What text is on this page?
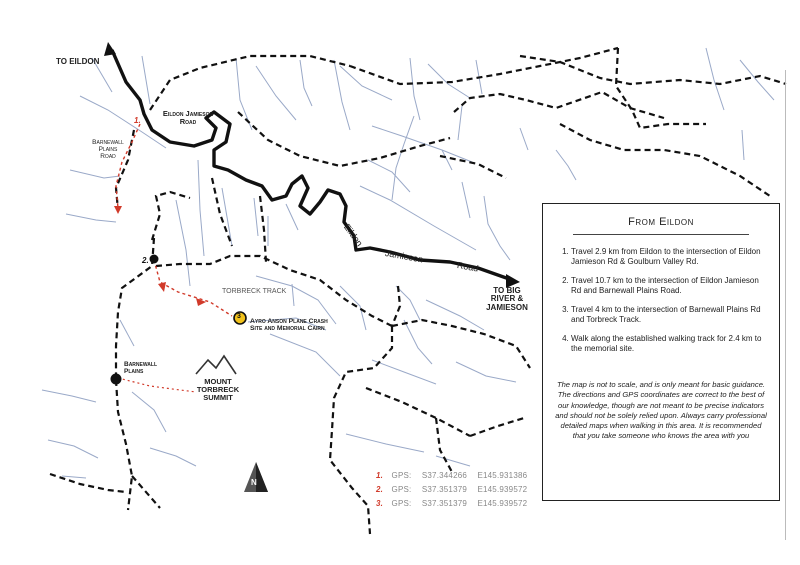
TO EILDON
Eildon Jamieson Road
Barnewall Plains Road
Eildon
Jamieson
Road
TO BIG RIVER & JAMIESON
TORBRECK TRACK
Ayro Anson Plane Crash Site and Memorial Cairn
Barnewall Plains
MOUNT TORBRECK SUMMIT
N
1.
2.
3
From Eildon
1. Travel 2.9 km from Eildon to the intersection of Eildon Jamieson Rd & Goulburn Valley Rd.
2. Travel 10.7 km to the intersection of Eildon Jamieson Rd and Barnewall Plains Road.
3. Travel 4 km to the intersection of Barnewall Plains Rd and Torbreck Track.
4. Walk along the established walking track for 2.4 km to the memorial site.

The map is not to scale, and is only meant for basic guidance. The directions and GPS coordinates are correct to the best of our knowledge, though are not meant to be precise indicators and should not be solely relied upon. Always carry professional detailed maps when walking in this area. It is recommended that you take someone who knows the area with you

1. GPS: S37.344266 E145.931386
2. GPS: S37.351379 E145.939572
3. GPS: S37.351379 E145.939572
